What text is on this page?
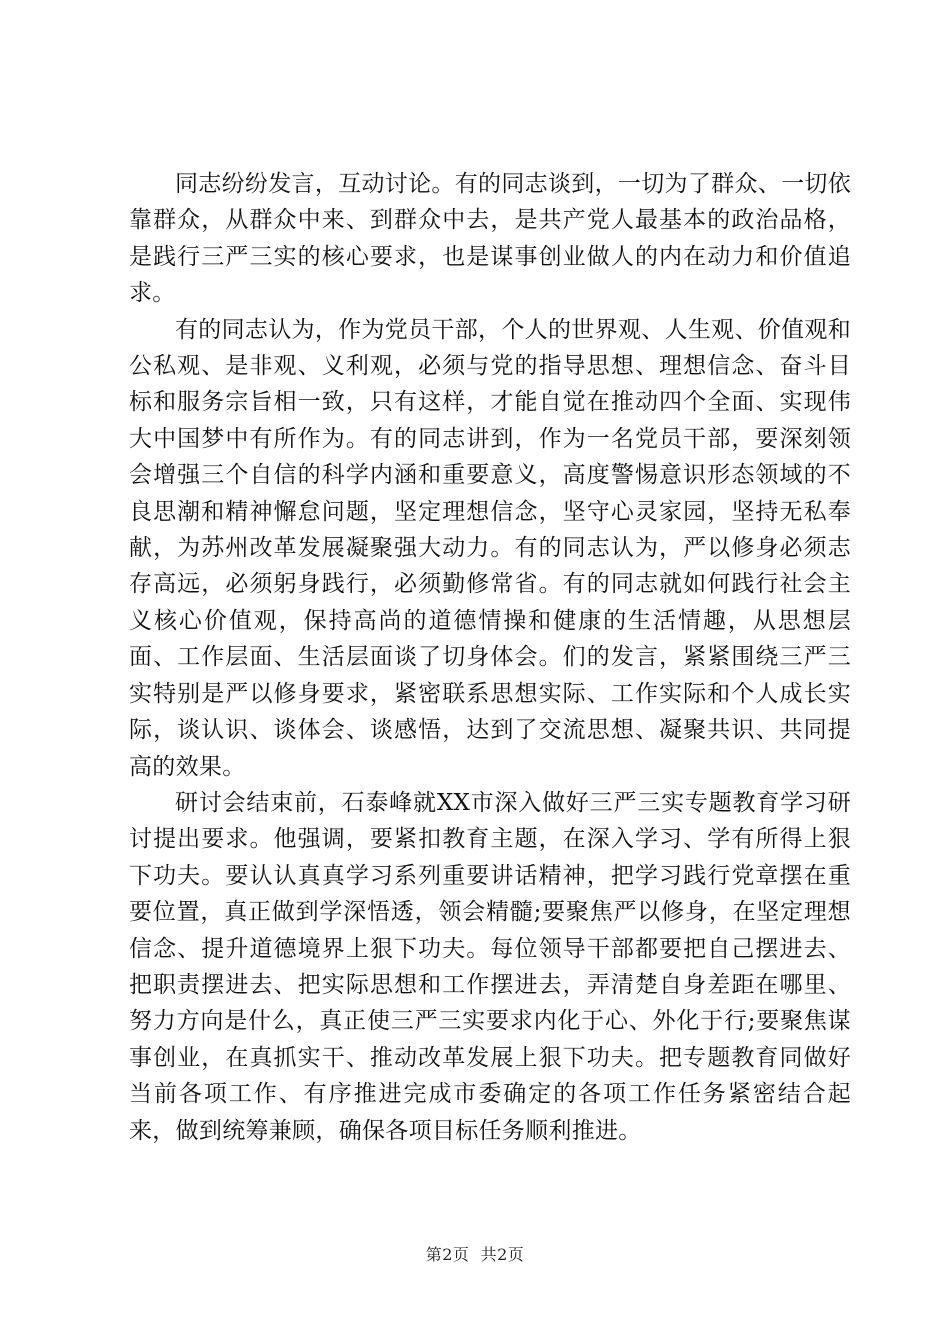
同志纷纷发言，互动讨论。有的同志谈到，一切为了群众、一切依靠群众，从群众中来、到群众中去，是共产党人最基本的政治品格，是践行三严三实的核心要求，也是谋事创业做人的内在动力和价值追求。

有的同志认为，作为党员干部，个人的世界观、人生观、价值观和公私观、是非观、义利观，必须与党的指导思想、理想信念、奋斗目标和服务宗旨相一致，只有这样，才能自觉在推动四个全面、实现伟大中国梦中有所作为。有的同志讲到，作为一名党员干部，要深刻领会增强三个自信的科学内涵和重要意义，高度警惕意识形态领域的不良思潮和精神懈怠问题，坚定理想信念，坚守心灵家园，坚持无私奉献，为苏州改革发展凝聚强大动力。有的同志认为，严以修身必须志存高远，必须躬身践行，必须勤修常省。有的同志就如何践行社会主义核心价值观，保持高尚的道德情操和健康的生活情趣，从思想层面、工作层面、生活层面谈了切身体会。们的发言，紧紧围绕三严三实特别是严以修身要求，紧密联系思想实际、工作实际和个人成长实际，谈认识、谈体会、谈感悟，达到了交流思想、凝聚共识、共同提高的效果。

研讨会结束前，石泰峰就XX市深入做好三严三实专题教育学习研讨提出要求。他强调，要紧扣教育主题，在深入学习、学有所得上狠下功夫。要认认真真学习系列重要讲话精神，把学习践行党章摆在重要位置，真正做到学深悟透，领会精髓;要聚焦严以修身，在坚定理想信念、提升道德境界上狠下功夫。每位领导干部都要把自己摆进去、把职责摆进去、把实际思想和工作摆进去，弄清楚自身差距在哪里、努力方向是什么，真正使三严三实要求内化于心、外化于行;要聚焦谋事创业，在真抓实干、推动改革发展上狠下功夫。把专题教育同做好当前各项工作、有序推进完成市委确定的各项工作任务紧密结合起来，做到统筹兼顾，确保各项目标任务顺利推进。

第2页  共2页
